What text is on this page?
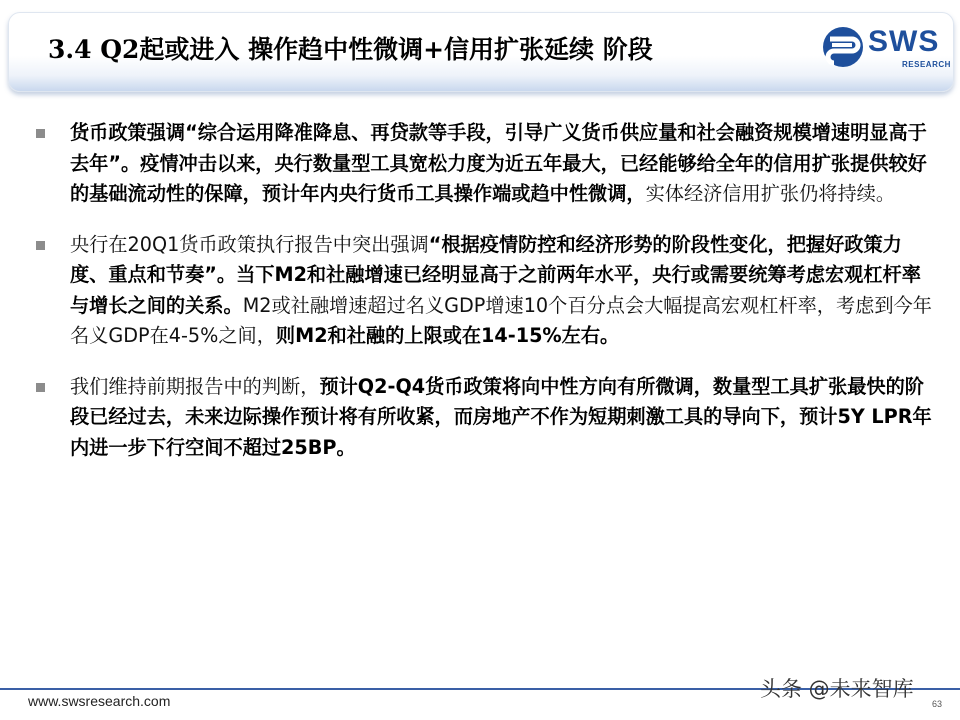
3.4 Q2起或进入 操作趋中性微调+信用扩张延续 阶段	SWS
RESEARCH
货币政策强调“综合运用降准降息、再贷款等手段，引导广义货币供应量和社会融资规模增速明显高于去年”。疫情冲击以来，央行数量型工具宽松力度为近五年最大，已经能够给全年的信用扩张提供较好的基础流动性的保障，预计年内央行货币工具操作端或趋中性微调，实体经济信用扩张仍将持续。
央行在20Q1货币政策执行报告中突出强调“根据疫情防控和经济形势的阶段性变化，把握好政策力度、重点和节奏”。当下M2和社融增速已经明显高于之前两年水平，央行或需要统筹考虑宏观杠杆率与增长之间的关系。M2或社融增速超过名义GDP增速10个百分点会大幅提高宏观杠杆率，考虑到今年名义GDP在4-5%之间，则M2和社融的上限或在14-15%左右。
我们维持前期报告中的判断，预计Q2-Q4货币政策将向中性方向有所微调，数量型工具扩张最快的阶段已经过去，未来边际操作预计将有所收紧，而房地产不作为短期刺激工具的导向下，预计5Y LPR年内进一步下行空间不超过25BP。
www.swsresearch.com	头条 @未来智库
63
